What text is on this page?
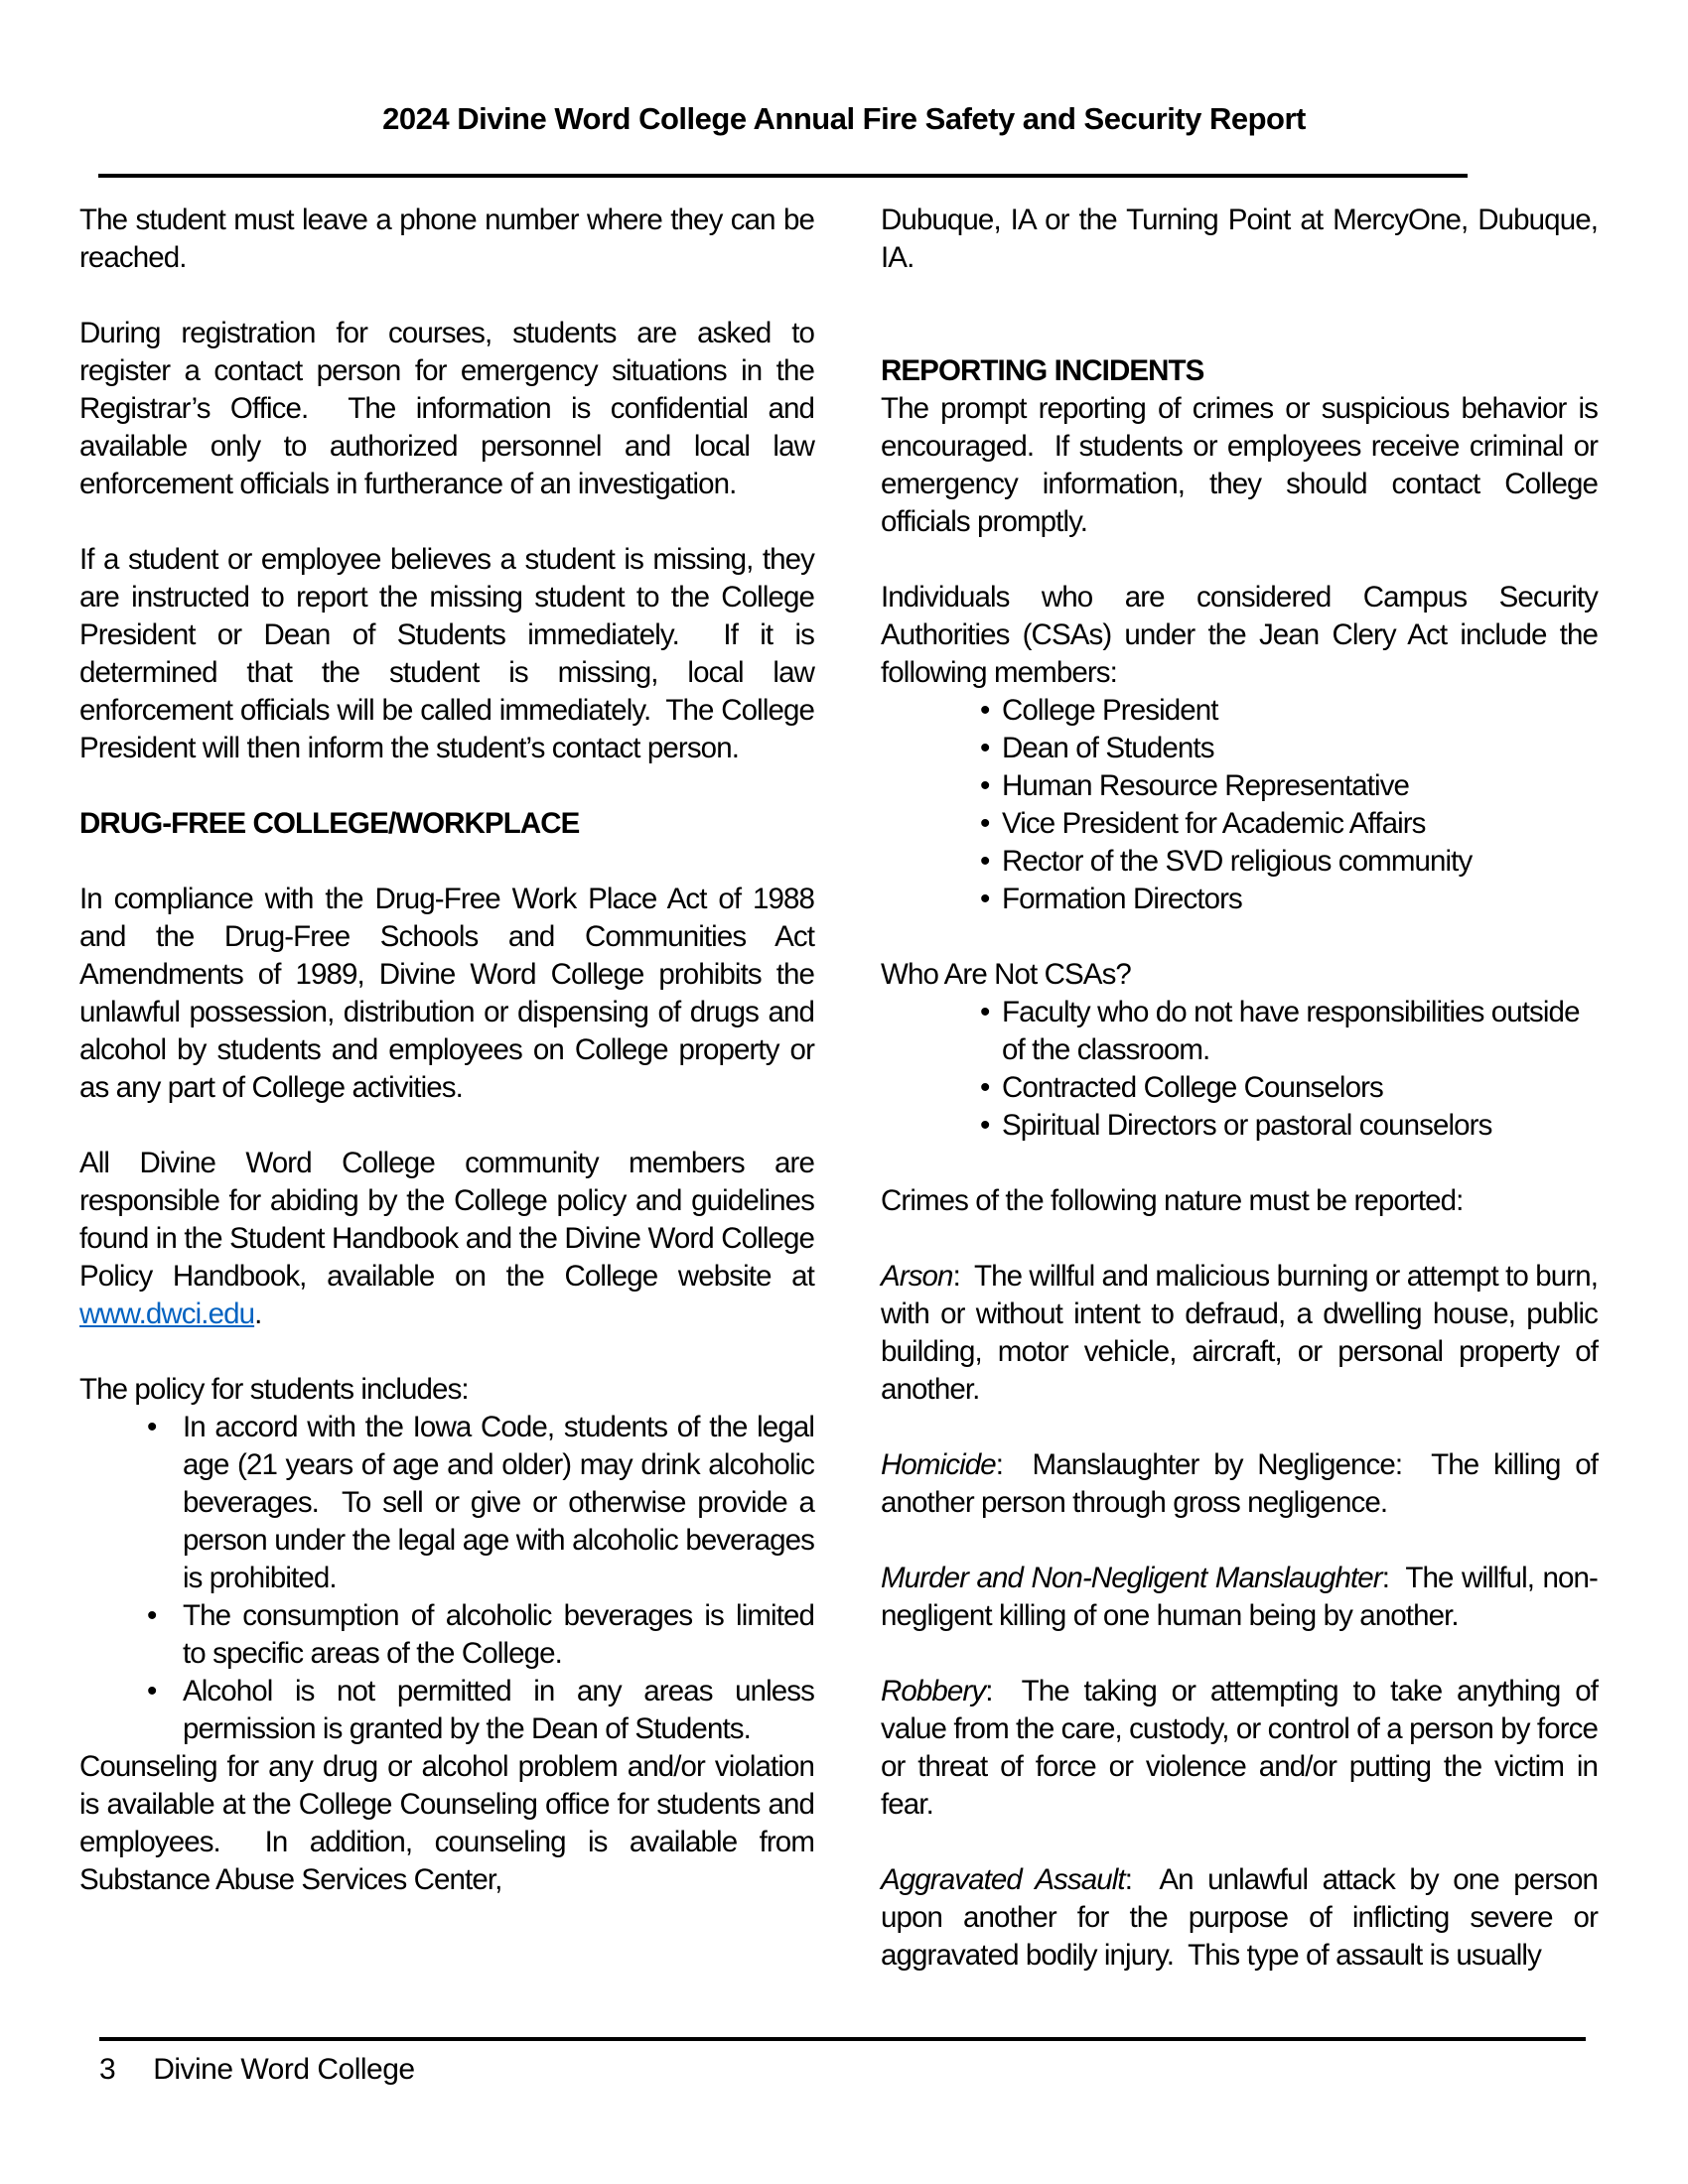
2024 Divine Word College Annual Fire Safety and Security Report

The student must leave a phone number where they can be reached.

During registration for courses, students are asked to register a contact person for emergency situations in the Registrar’s Office.  The information is confidential and available only to authorized personnel and local law enforcement officials in furtherance of an investigation.

If a student or employee believes a student is missing, they are instructed to report the missing student to the College President or Dean of Students immediately.  If it is determined that the student is missing, local law enforcement officials will be called immediately.  The College President will then inform the student’s contact person.

DRUG-FREE COLLEGE/WORKPLACE

In compliance with the Drug-Free Work Place Act of 1988 and the Drug-Free Schools and Communities Act Amendments of 1989, Divine Word College prohibits the unlawful possession, distribution or dispensing of drugs and alcohol by students and employees on College property or as any part of College activities.

All Divine Word College community members are responsible for abiding by the College policy and guidelines found in the Student Handbook and the Divine Word College Policy Handbook, available on the College website at www.dwci.edu.

The policy for students includes:

• In accord with the Iowa Code, students of the legal age (21 years of age and older) may drink alcoholic beverages.  To sell or give or otherwise provide a person under the legal age with alcoholic beverages is prohibited.
• The consumption of alcoholic beverages is limited to specific areas of the College.
• Alcohol is not permitted in any areas unless permission is granted by the Dean of Students.

Counseling for any drug or alcohol problem and/or violation is available at the College Counseling office for students and employees.  In addition, counseling is available from Substance Abuse Services Center,

Dubuque, IA or the Turning Point at MercyOne, Dubuque, IA.

REPORTING INCIDENTS

The prompt reporting of crimes or suspicious behavior is encouraged.  If students or employees receive criminal or emergency information, they should contact College officials promptly.

Individuals who are considered Campus Security Authorities (CSAs) under the Jean Clery Act include the following members:

• College President
• Dean of Students
• Human Resource Representative
• Vice President for Academic Affairs
• Rector of the SVD religious community
• Formation Directors

Who Are Not CSAs?

• Faculty who do not have responsibilities outside of the classroom.
• Contracted College Counselors
• Spiritual Directors or pastoral counselors

Crimes of the following nature must be reported:

Arson:  The willful and malicious burning or attempt to burn, with or without intent to defraud, a dwelling house, public building, motor vehicle, aircraft, or personal property of another.

Homicide:  Manslaughter by Negligence:  The killing of another person through gross negligence.

Murder and Non-Negligent Manslaughter:  The willful, non-negligent killing of one human being by another.

Robbery:  The taking or attempting to take anything of value from the care, custody, or control of a person by force or threat of force or violence and/or putting the victim in fear.

Aggravated Assault:  An unlawful attack by one person upon another for the purpose of inflicting severe or aggravated bodily injury.  This type of assault is usually

3 Divine Word College
